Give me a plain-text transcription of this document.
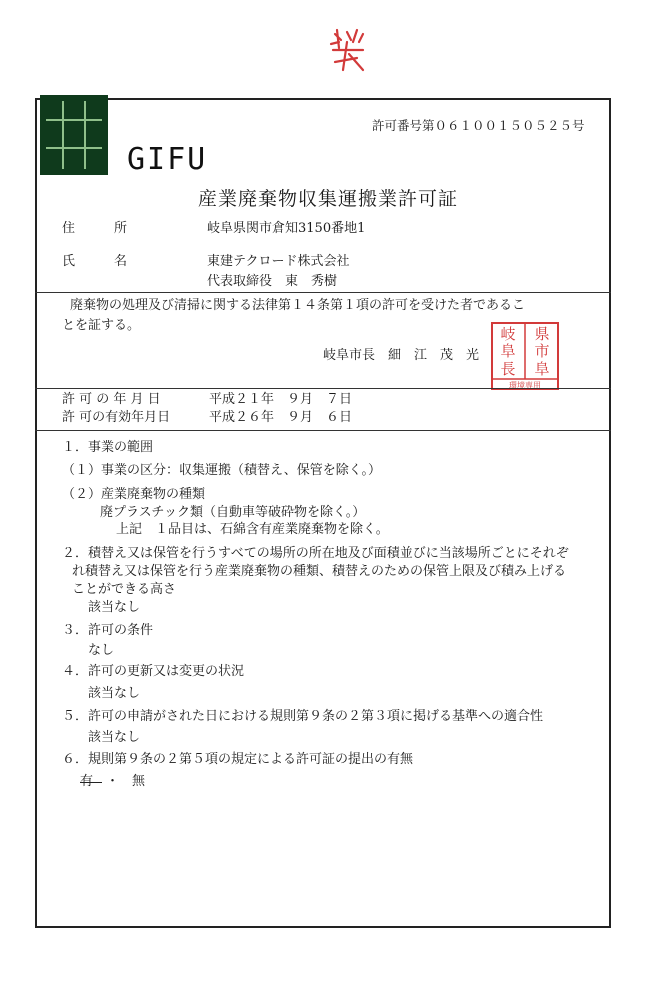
GIFU
許可番号第０６１００１５０５２５号
産業廃棄物収集運搬業許可証
住　　　所	岐阜県関市倉知3150番地1
氏　　　名	東建テクロード株式会社
代表取締役　東　秀樹
廃棄物の処理及び清掃に関する法律第１４条第１項の許可を受けた者であるこ
とを証する。
岐阜市長　細　江　茂　光
岐 県
阜 市
長 阜
環境専用
許 可 の 年 月 日	平成２１年　９月　７日
許 可の有効年月日	平成２６年　９月　６日
１．事業の範囲
（１）事業の区分：収集運搬（積替え、保管を除く。）
（２）産業廃棄物の種類
廃プラスチック類（自動車等破砕物を除く。）
上記　１品目は、石綿含有産業廃棄物を除く。
２．積替え又は保管を行うすべての場所の所在地及び面積並びに当該場所ごとにそれぞ
れ積替え又は保管を行う産業廃棄物の種類、積替えのための保管上限及び積み上げる
ことができる高さ
該当なし
３．許可の条件
なし
４．許可の更新又は変更の状況
該当なし
５．許可の申請がされた日における規則第９条の２第３項に掲げる基準への適合性
該当なし
６．規則第９条の２第５項の規定による許可証の提出の有無
有　・　無
